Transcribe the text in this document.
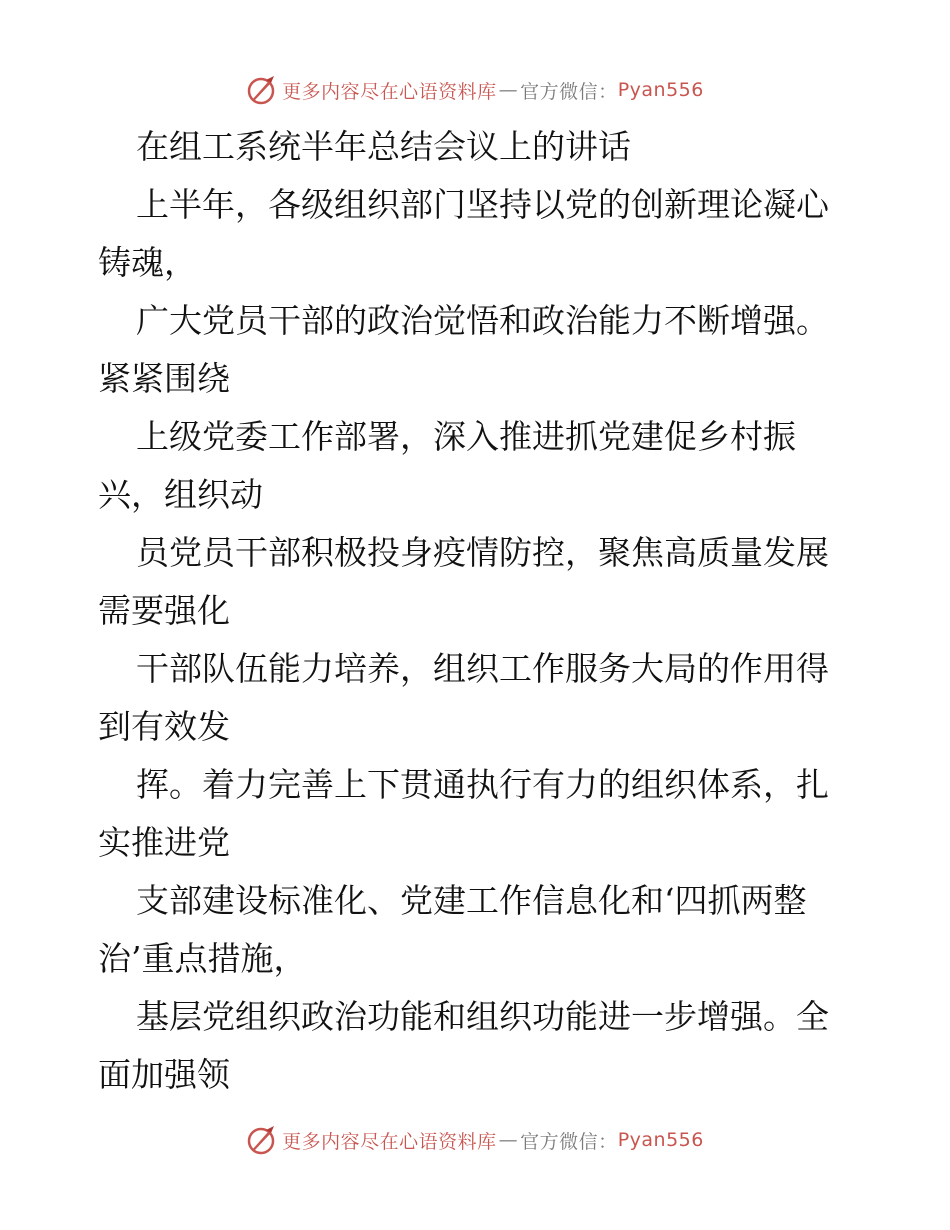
更多内容尽在心语资料库 — 官方微信： Pyan556
在组工系统半年总结会议上的讲话
上半年，各级组织部门坚持以党的创新理论凝心
铸魂，
广大党员干部的政治觉悟和政治能力不断增强。
紧紧围绕
上级党委工作部署，深入推进抓党建促乡村振
兴，组织动
员党员干部积极投身疫情防控，聚焦高质量发展
需要强化
干部队伍能力培养，组织工作服务大局的作用得
到有效发
挥。着力完善上下贯通执行有力的组织体系，扎
实推进党
支部建设标准化、党建工作信息化和‘四抓两整
治’重点措施，
基层党组织政治功能和组织功能进一步增强。全
面加强领
更多内容尽在心语资料库 — 官方微信： Pyan556
